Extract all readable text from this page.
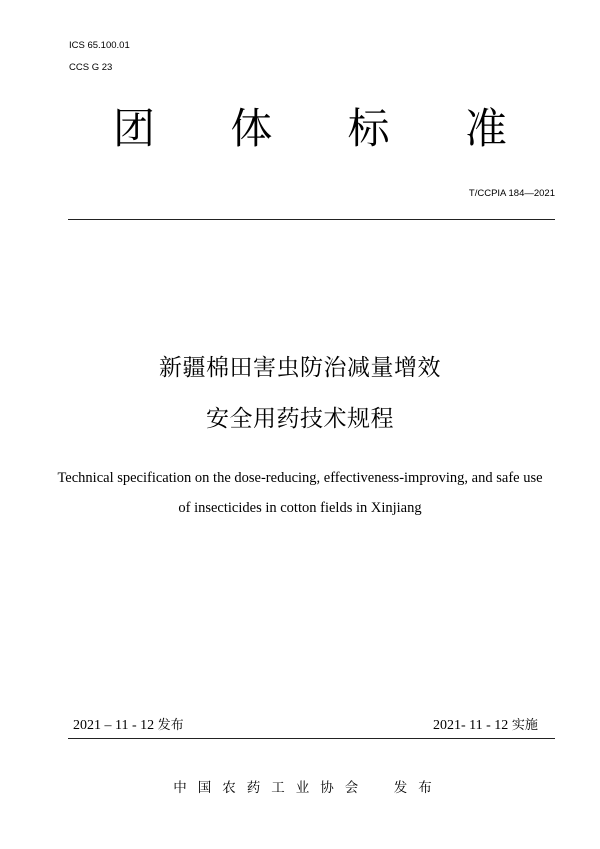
ICS 65.100.01
CCS G 23
团 体 标 准
T/CCPIA 184—2021
新疆棉田害虫防治减量增效
安全用药技术规程
Technical specification on the dose-reducing, effectiveness-improving, and safe use
of insecticides in cotton fields in Xinjiang
2021 – 11 - 12 发布	2021- 11 - 12 实施
中国农药工业协会　发布
